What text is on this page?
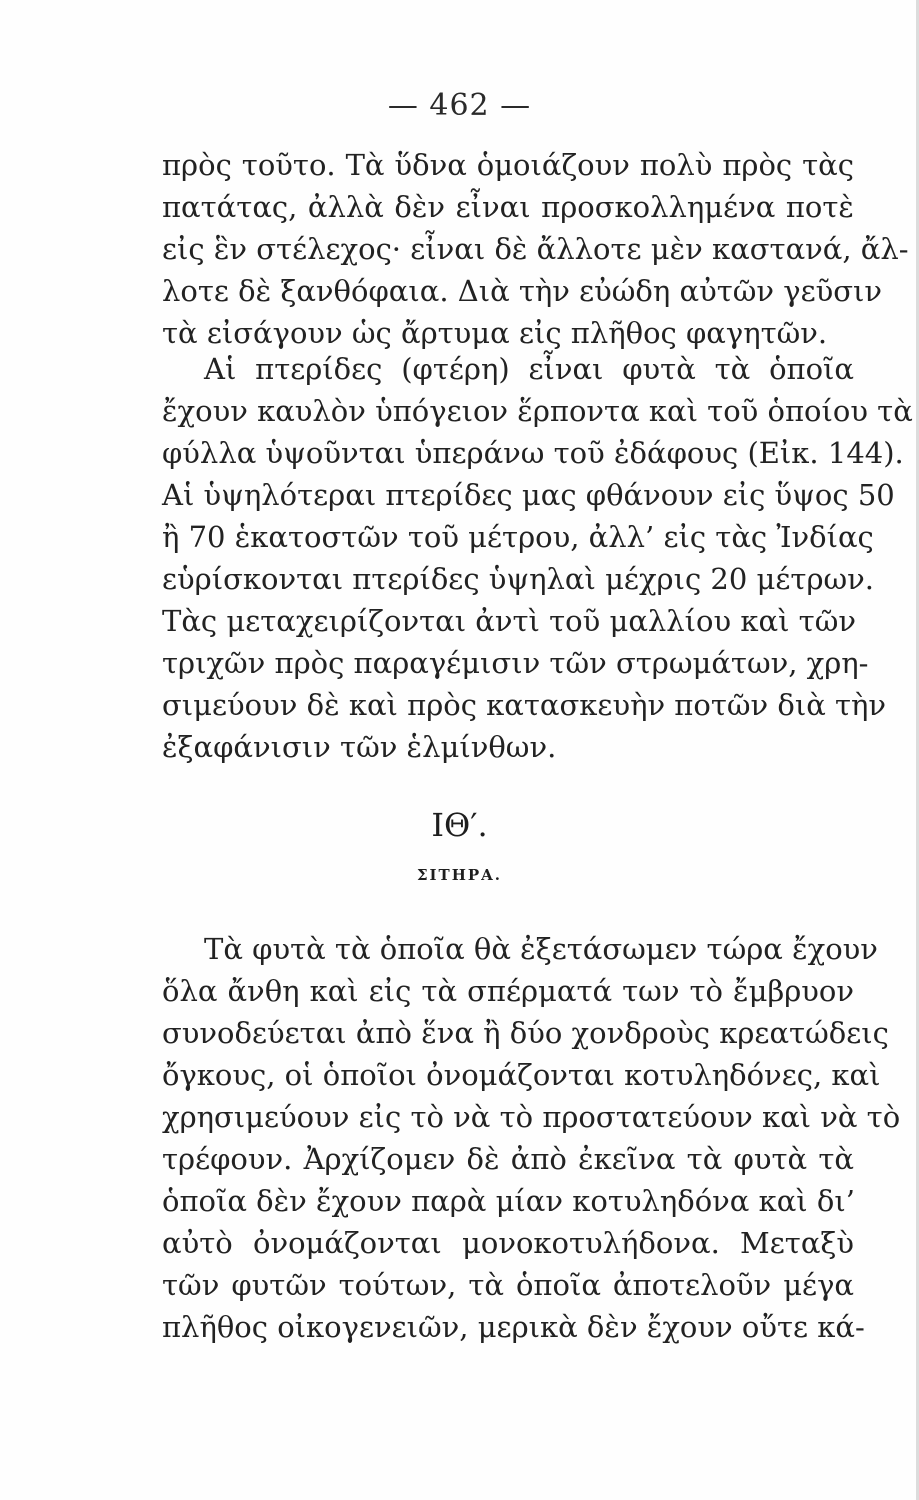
— 462 —
πρὸς τοῦτο. Τὰ ὕδνα ὁμοιάζουν πολὺ πρὸς τὰς
πατάτας, ἀλλὰ δὲν εἶναι προσκολλημένα ποτὲ
εἰς ἓν στέλεχος· εἶναι δὲ ἄλλοτε μὲν καστανά, ἄλ-
λοτε δὲ ξανθόφαια. Διὰ τὴν εὐώδη αὐτῶν γεῦσιν
τὰ εἰσάγουν ὡς ἄρτυμα εἰς πλῆθος φαγητῶν.
Αἱ πτερίδες (φτέρη) εἶναι φυτὰ τὰ ὁποῖα
ἔχουν καυλὸν ὑπόγειον ἕρποντα καὶ τοῦ ὁποίου τὰ
φύλλα ὑψοῦνται ὑπεράνω τοῦ ἐδάφους (Εἰκ. 144).
Αἱ ὑψηλότεραι πτερίδες μας φθάνουν εἰς ὕψος 50
ἢ 70 ἑκατοστῶν τοῦ μέτρου, ἀλλ’ εἰς τὰς Ἰνδίας
εὑρίσκονται πτερίδες ὑψηλαὶ μέχρις 20 μέτρων.
Τὰς μεταχειρίζονται ἀντὶ τοῦ μαλλίου καὶ τῶν
τριχῶν πρὸς παραγέμισιν τῶν στρωμάτων, χρη-
σιμεύουν δὲ καὶ πρὸς κατασκευὴν ποτῶν διὰ τὴν
ἐξαφάνισιν τῶν ἑλμίνθων.
ΙΘ′.
ΣΙΤΗΡΑ.
Τὰ φυτὰ τὰ ὁποῖα θὰ ἐξετάσωμεν τώρα ἔχουν
ὅλα ἄνθη καὶ εἰς τὰ σπέρματά των τὸ ἔμβρυον
συνοδεύεται ἀπὸ ἕνα ἢ δύο χονδροὺς κρεατώδεις
ὄγκους, οἱ ὁποῖοι ὀνομάζονται κοτυληδόνες, καὶ
χρησιμεύουν εἰς τὸ νὰ τὸ προστατεύουν καὶ νὰ τὸ
τρέφουν. Ἀρχίζομεν δὲ ἀπὸ ἐκεῖνα τὰ φυτὰ τὰ
ὁποῖα δὲν ἔχουν παρὰ μίαν κοτυληδόνα καὶ δι’
αὐτὸ ὀνομάζονται μονοκοτυλήδονα. Μεταξὺ
τῶν φυτῶν τούτων, τὰ ὁποῖα ἀποτελοῦν μέγα
πλῆθος οἰκογενειῶν, μερικὰ δὲν ἔχουν οὔτε κά-
